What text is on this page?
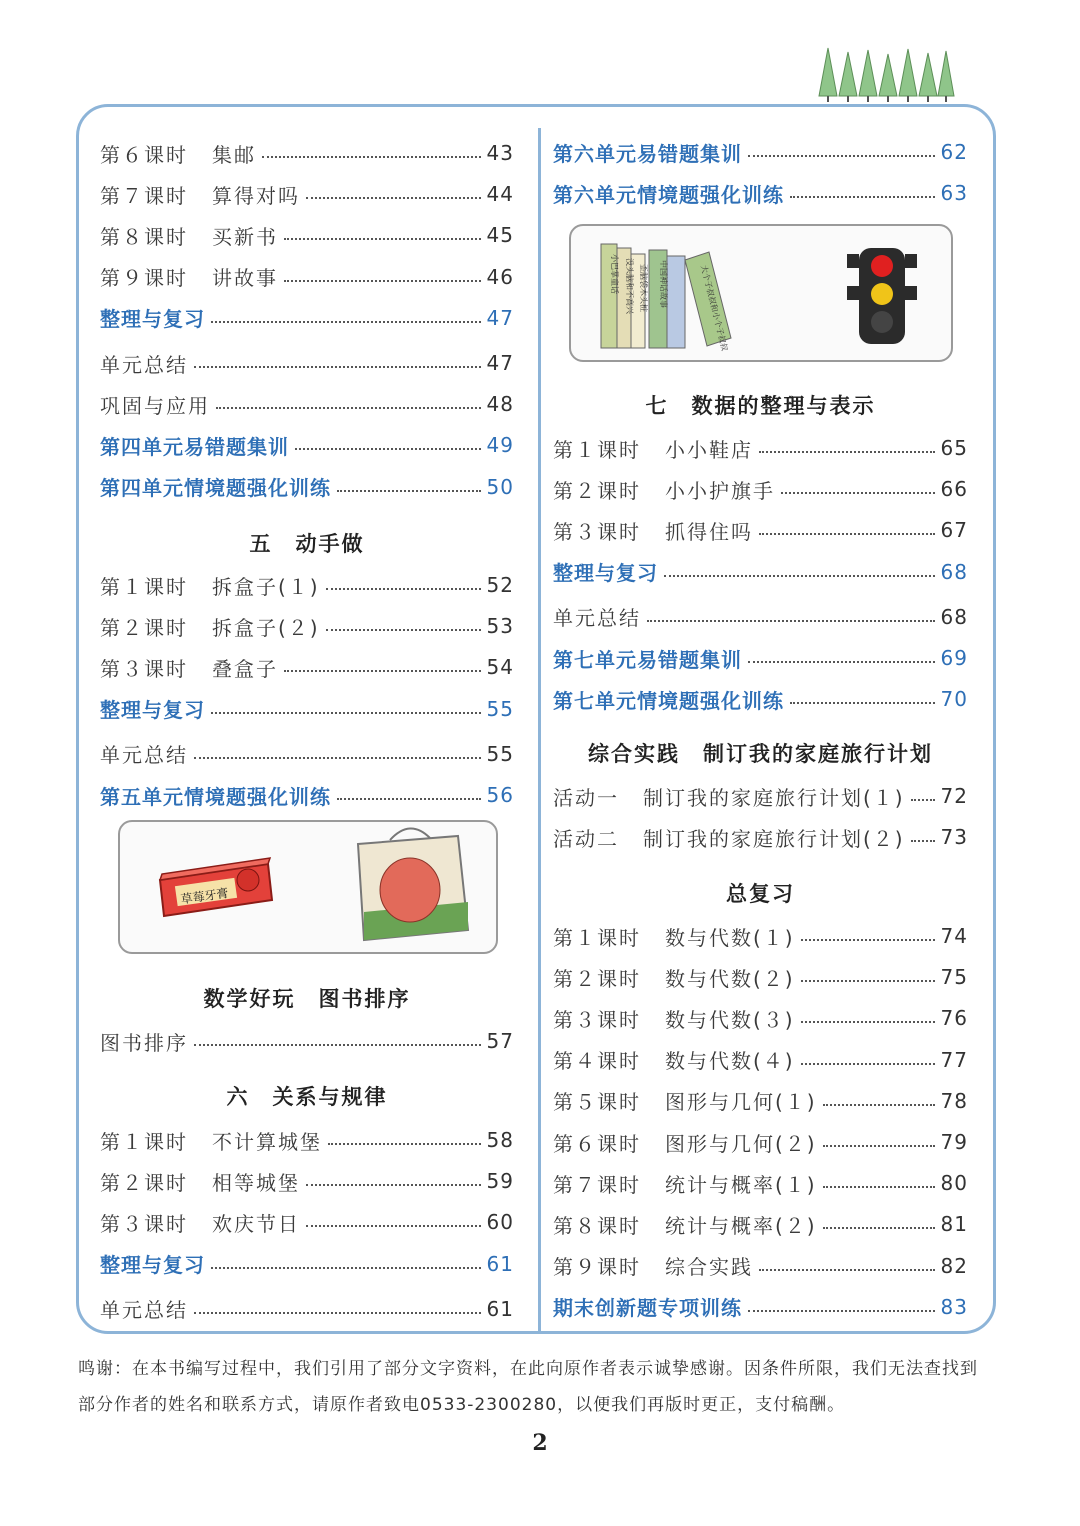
五　动手做
草莓牙膏
数学好玩　图书排序
六　关系与规律
第６课时 集邮	43
第７课时 算得对吗	44
第８课时 买新书	45
第９课时 讲故事	46
整理与复习	47
单元总结	47
巩固与应用	48
第四单元易错题集训	49
第四单元情境题强化训练	50
第１课时 拆盒子(１)	52
第２课时 拆盒子(２)	53
第３课时 叠盒子	54
整理与复习	55
单元总结	55
第五单元情境题强化训练	56
图书排序	57
第１课时 不计算城堡	58
第２课时 相等城堡	59
第３课时 欢庆节日	60
整理与复习	61
单元总结	61
小巴掌童话 没头脑和不高兴 歪脑袋木头桩 中国神话故事	大个子叔叔和小个子叔叔
七　数据的整理与表示
综合实践　制订我的家庭旅行计划
总复习
第六单元易错题集训	62
第六单元情境题强化训练	63
第１课时 小小鞋店	65
第２课时 小小护旗手	66
第３课时 抓得住吗	67
整理与复习	68
单元总结	68
第七单元易错题集训	69
第七单元情境题强化训练	70
活动一 制订我的家庭旅行计划(１) 72
活动二 制订我的家庭旅行计划(２) 73
第１课时 数与代数(１)	74
第２课时 数与代数(２)	75
第３课时 数与代数(３)	76
第４课时 数与代数(４)	77
第５课时 图形与几何(１)	78
第６课时 图形与几何(２)	79
第７课时 统计与概率(１)	80
第８课时 统计与概率(２)	81
第９课时 综合实践	82
期末创新题专项训练	83
鸣谢：在本书编写过程中，我们引用了部分文字资料，在此向原作者表示诚挚感谢。因条件所限，我们无法查找到
部分作者的姓名和联系方式，请原作者致电0533-2300280，以便我们再版时更正，支付稿酬。
2
